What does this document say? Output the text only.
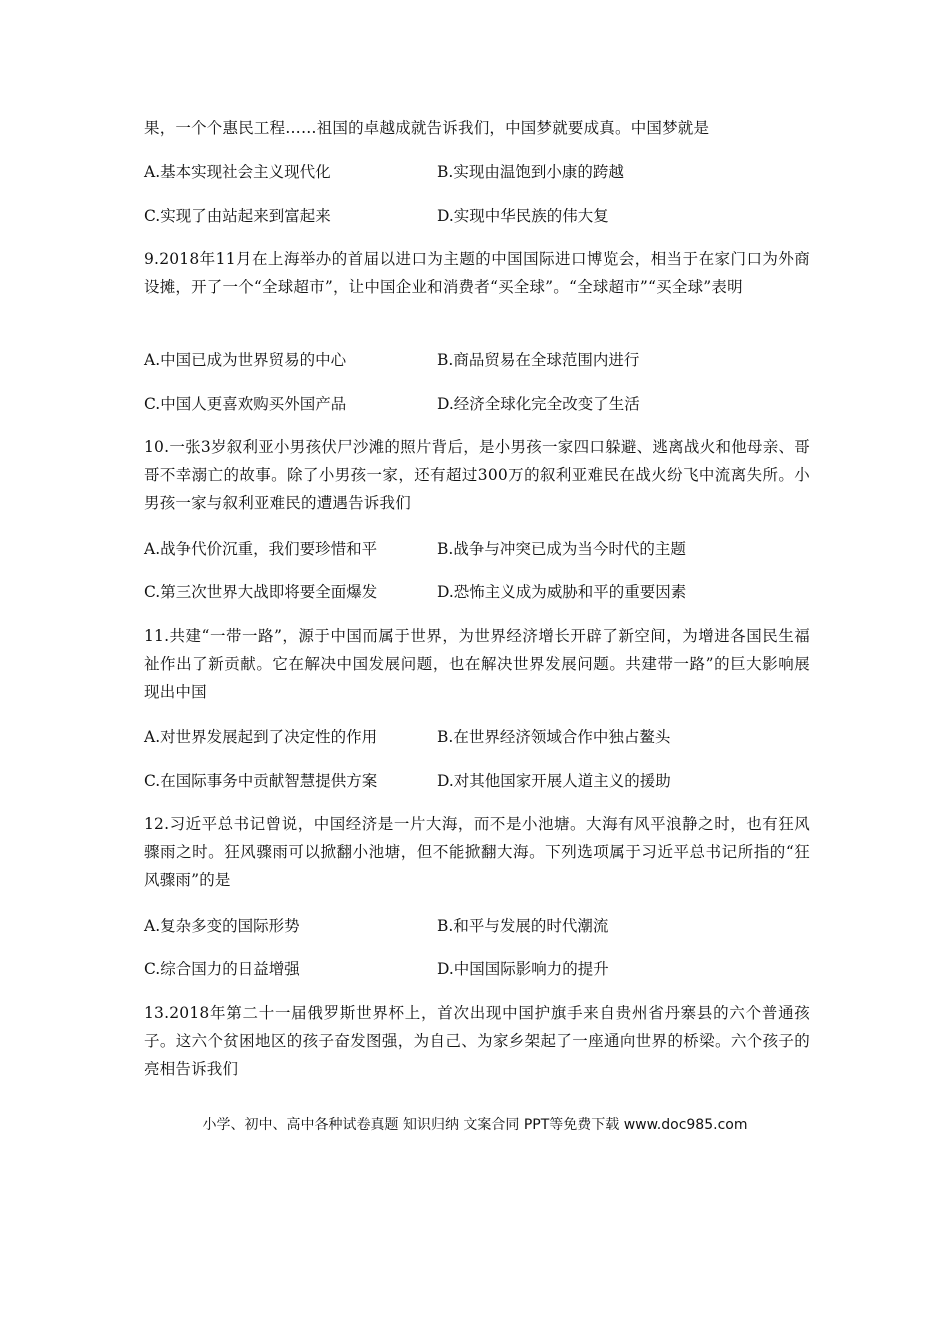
果，一个个惠民工程……祖国的卓越成就告诉我们，中国梦就要成真。中国梦就是

A.基本实现社会主义现代化	B.实现由温饱到小康的跨越
C.实现了由站起来到富起来	D.实现中华民族的伟大复

9.2018年11月在上海举办的首届以进口为主题的中国国际进口博览会，相当于在家门口为外商设摊，开了一个“全球超市”，让中国企业和消费者“买全球”。“全球超市”“买全球”表明

A.中国已成为世界贸易的中心	B.商品贸易在全球范围内进行
C.中国人更喜欢购买外国产品	D.经济全球化完全改变了生活

10.一张3岁叙利亚小男孩伏尸沙滩的照片背后，是小男孩一家四口躲避、逃离战火和他母亲、哥哥不幸溺亡的故事。除了小男孩一家，还有超过300万的叙利亚难民在战火纷飞中流离失所。小男孩一家与叙利亚难民的遭遇告诉我们

A.战争代价沉重，我们要珍惜和平	B.战争与冲突已成为当今时代的主题
C.第三次世界大战即将要全面爆发	D.恐怖主义成为威胁和平的重要因素

11.共建“一带一路”，源于中国而属于世界，为世界经济增长开辟了新空间，为增进各国民生福祉作出了新贡献。它在解决中国发展问题，也在解决世界发展问题。共建带一路”的巨大影响展现出中国

A.对世界发展起到了决定性的作用	B.在世界经济领域合作中独占鳌头
C.在国际事务中贡献智慧提供方案	D.对其他国家开展人道主义的援助

12.习近平总书记曾说，中国经济是一片大海，而不是小池塘。大海有风平浪静之时，也有狂风骤雨之时。狂风骤雨可以掀翻小池塘，但不能掀翻大海。下列选项属于习近平总书记所指的“狂风骤雨”的是

A.复杂多变的国际形势	B.和平与发展的时代潮流
C.综合国力的日益增强	D.中国国际影响力的提升

13.2018年第二十一届俄罗斯世界杯上，首次出现中国护旗手来自贵州省丹寨县的六个普通孩子。这六个贫困地区的孩子奋发图强，为自己、为家乡架起了一座通向世界的桥梁。六个孩子的亮相告诉我们

小学、初中、高中各种试卷真题 知识归纳 文案合同 PPT等免费下载 www.doc985.com
